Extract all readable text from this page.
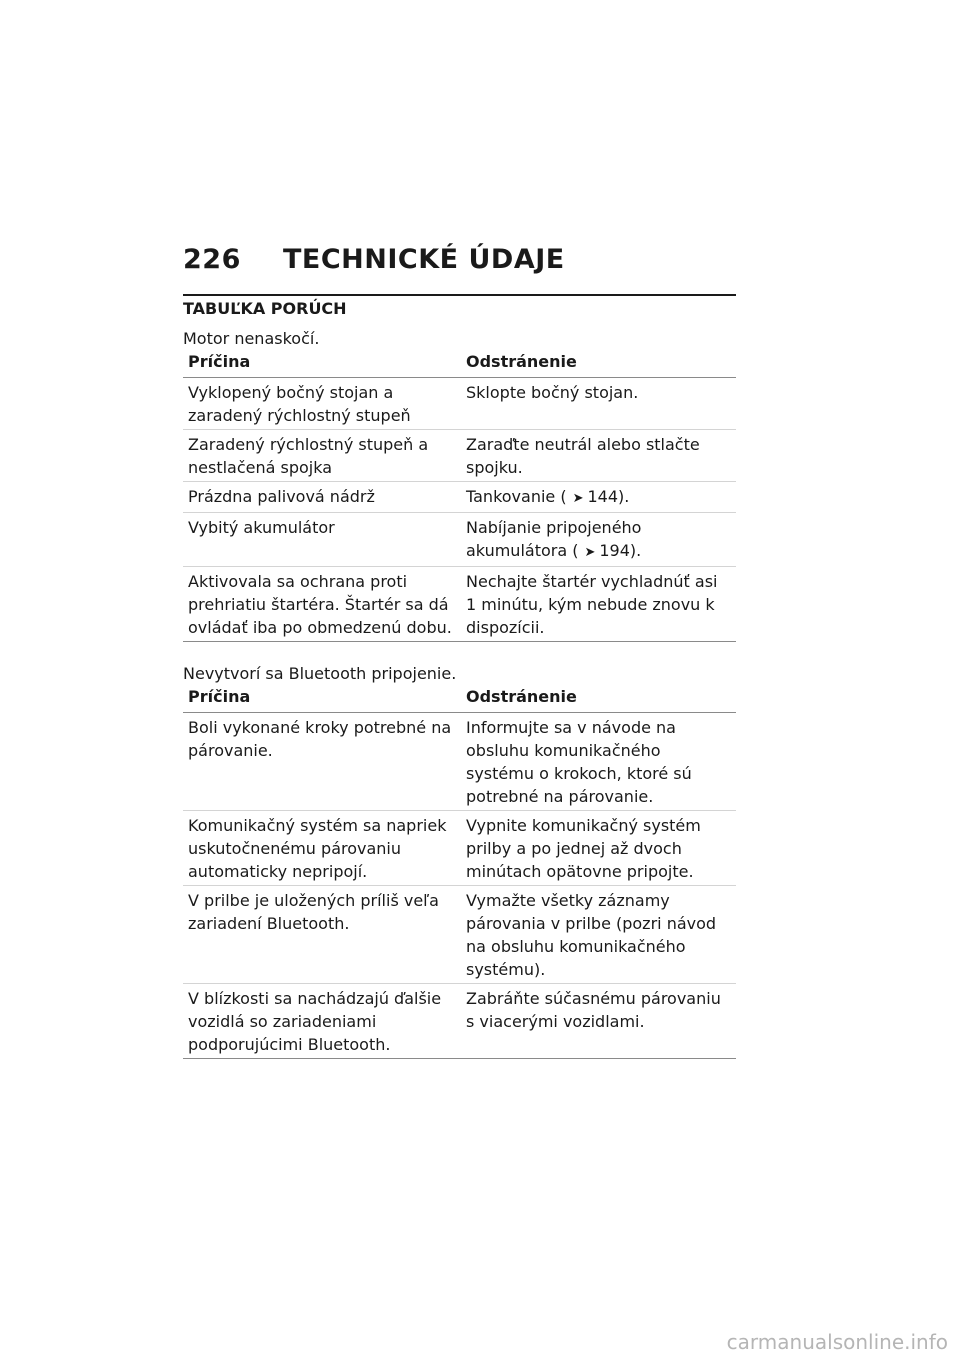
226	TECHNICKÉ ÚDAJE
TABUĽKA PORÚCH
Motor nenaskočí.
Príčina	Odstránenie
Vyklopený bočný stojan a zaradený rýchlostný stupeň	Sklopte bočný stojan.
Zaradený rýchlostný stupeň a nestlačená spojka	Zaraďte neutrál alebo stlačte spojku.
Prázdna palivová nádrž	Tankovanie ( ➤ 144).
Vybitý akumulátor	Nabíjanie pripojeného akumulátora ( ➤ 194).
Aktivovala sa ochrana proti prehriatiu štartéra. Štartér sa dá ovládať iba po obmedzenú dobu.	Nechajte štartér vychladnúť asi 1 minútu, kým nebude znovu k dispozícii.
Nevytvorí sa Bluetooth pripojenie.
Príčina	Odstránenie
Boli vykonané kroky potrebné na párovanie.	Informujte sa v návode na obsluhu komunikačného systému o krokoch, ktoré sú potrebné na párovanie.
Komunikačný systém sa napriek uskutočnenému párovaniu automaticky nepripojí.	Vypnite komunikačný systém prilby a po jednej až dvoch minútach opätovne pripojte.
V prilbe je uložených príliš veľa zariadení Bluetooth.	Vymažte všetky záznamy párovania v prilbe (pozri návod na obsluhu komunikačného systému).
V blízkosti sa nachádzajú ďalšie vozidlá so zariadeniami podporujúcimi Bluetooth.	Zabráňte súčasnému párovaniu s viacerými vozidlami.
carmanualsonline.info
